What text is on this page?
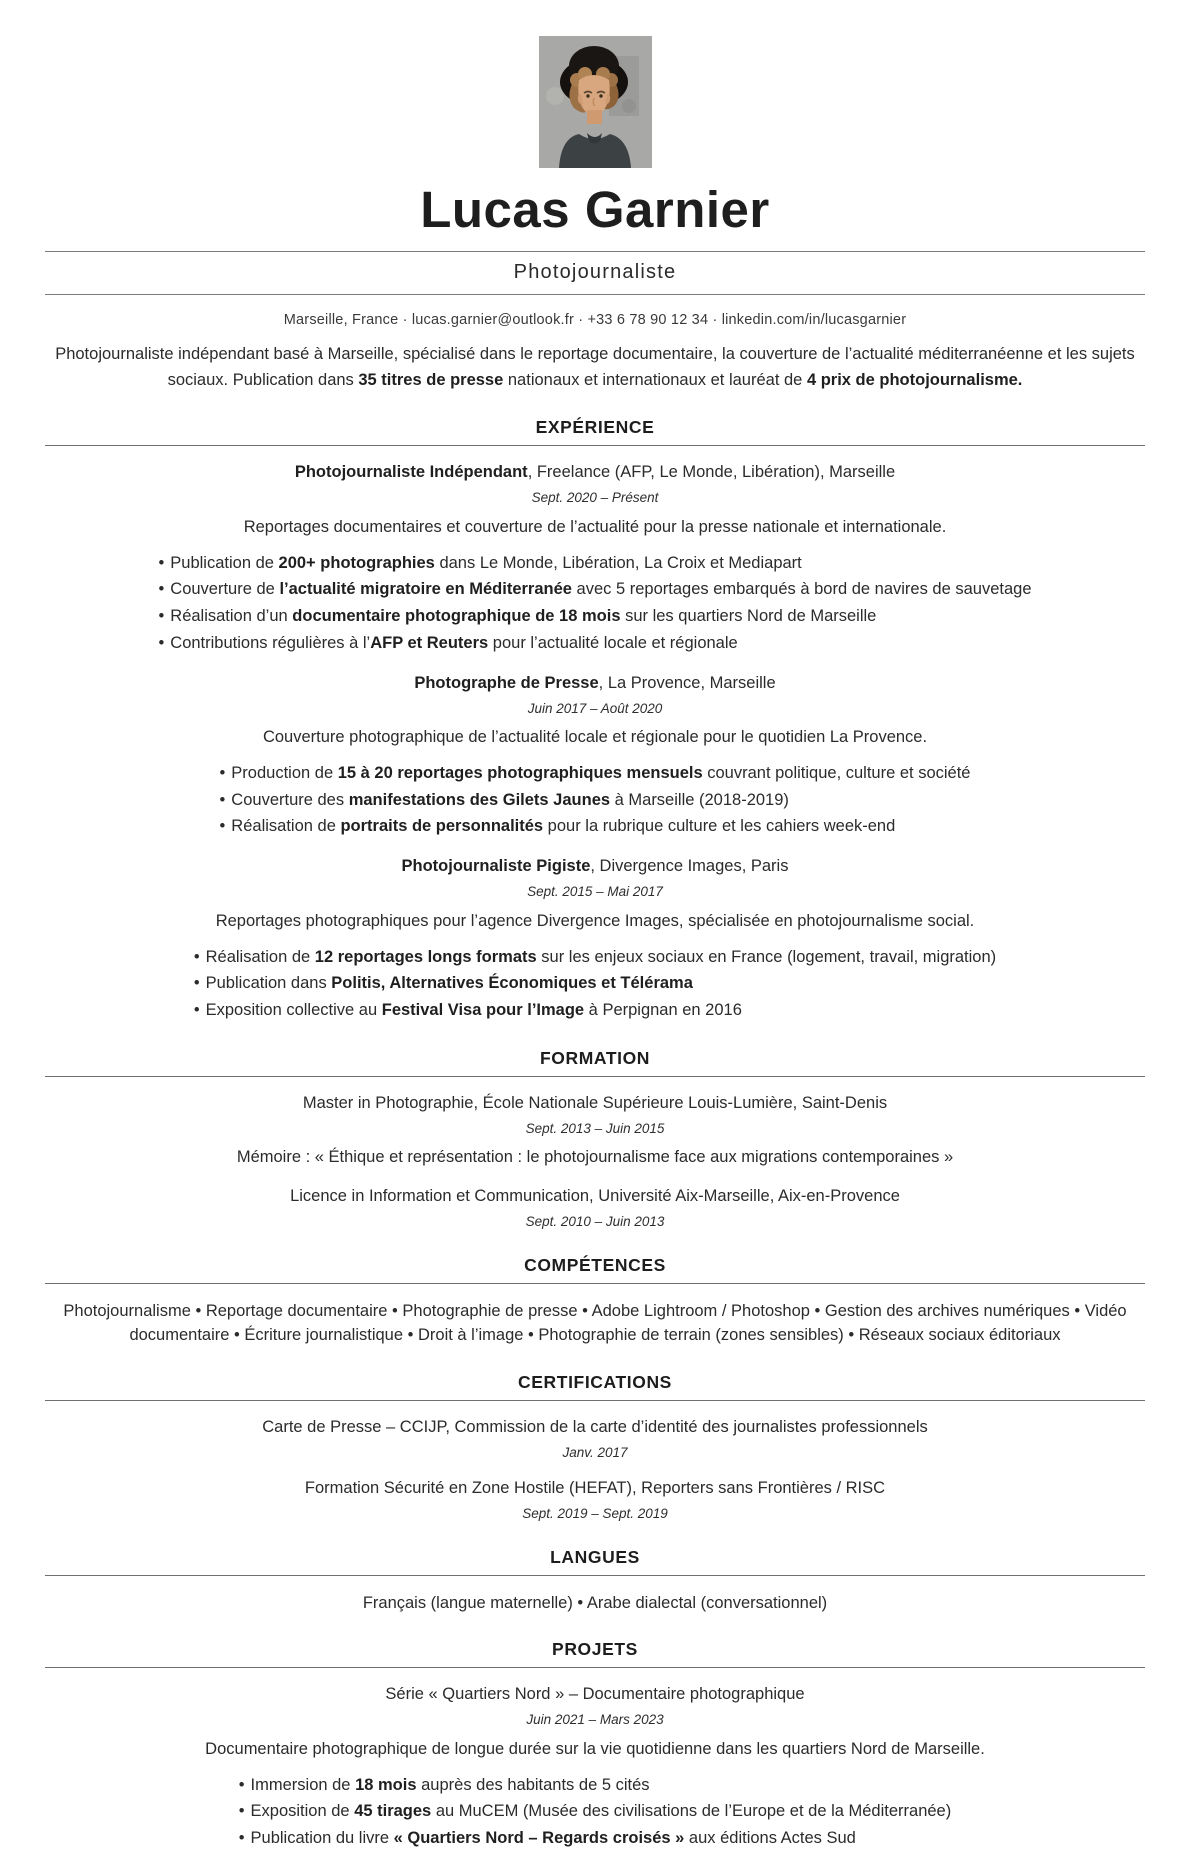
Lucas Garnier
Photojournaliste
Marseille, France · lucas.garnier@outlook.fr · +33 6 78 90 12 34 · linkedin.com/in/lucasgarnier
Photojournaliste indépendant basé à Marseille, spécialisé dans le reportage documentaire, la couverture de l’actualité méditerranéenne et les sujets sociaux. Publication dans 35 titres de presse nationaux et internationaux et lauréat de 4 prix de photojournalisme.
EXPÉRIENCE
Photojournaliste Indépendant, Freelance (AFP, Le Monde, Libération), Marseille
Sept. 2020 – Présent
Reportages documentaires et couverture de l’actualité pour la presse nationale et internationale.
• Publication de 200+ photographies dans Le Monde, Libération, La Croix et Mediapart
• Couverture de l’actualité migratoire en Méditerranée avec 5 reportages embarqués à bord de navires de sauvetage
• Réalisation d’un documentaire photographique de 18 mois sur les quartiers Nord de Marseille
• Contributions régulières à l’AFP et Reuters pour l’actualité locale et régionale
Photographe de Presse, La Provence, Marseille
Juin 2017 – Août 2020
Couverture photographique de l’actualité locale et régionale pour le quotidien La Provence.
• Production de 15 à 20 reportages photographiques mensuels couvrant politique, culture et société
• Couverture des manifestations des Gilets Jaunes à Marseille (2018-2019)
• Réalisation de portraits de personnalités pour la rubrique culture et les cahiers week-end
Photojournaliste Pigiste, Divergence Images, Paris
Sept. 2015 – Mai 2017
Reportages photographiques pour l’agence Divergence Images, spécialisée en photojournalisme social.
• Réalisation de 12 reportages longs formats sur les enjeux sociaux en France (logement, travail, migration)
• Publication dans Politis, Alternatives Économiques et Télérama
• Exposition collective au Festival Visa pour l’Image à Perpignan en 2016
FORMATION
Master in Photographie, École Nationale Supérieure Louis-Lumière, Saint-Denis
Sept. 2013 – Juin 2015
Mémoire : « Éthique et représentation : le photojournalisme face aux migrations contemporaines »
Licence in Information et Communication, Université Aix-Marseille, Aix-en-Provence
Sept. 2010 – Juin 2013
COMPÉTENCES
Photojournalisme • Reportage documentaire • Photographie de presse • Adobe Lightroom / Photoshop • Gestion des archives numériques • Vidéo documentaire • Écriture journalistique • Droit à l’image • Photographie de terrain (zones sensibles) • Réseaux sociaux éditoriaux
CERTIFICATIONS
Carte de Presse – CCIJP, Commission de la carte d’identité des journalistes professionnels
Janv. 2017
Formation Sécurité en Zone Hostile (HEFAT), Reporters sans Frontières / RISC
Sept. 2019 – Sept. 2019
LANGUES
Français (langue maternelle) • Arabe dialectal (conversationnel)
PROJETS
Série « Quartiers Nord » – Documentaire photographique
Juin 2021 – Mars 2023
Documentaire photographique de longue durée sur la vie quotidienne dans les quartiers Nord de Marseille.
• Immersion de 18 mois auprès des habitants de 5 cités
• Exposition de 45 tirages au MuCEM (Musée des civilisations de l’Europe et de la Méditerranée)
• Publication du livre « Quartiers Nord – Regards croisés » aux éditions Actes Sud
